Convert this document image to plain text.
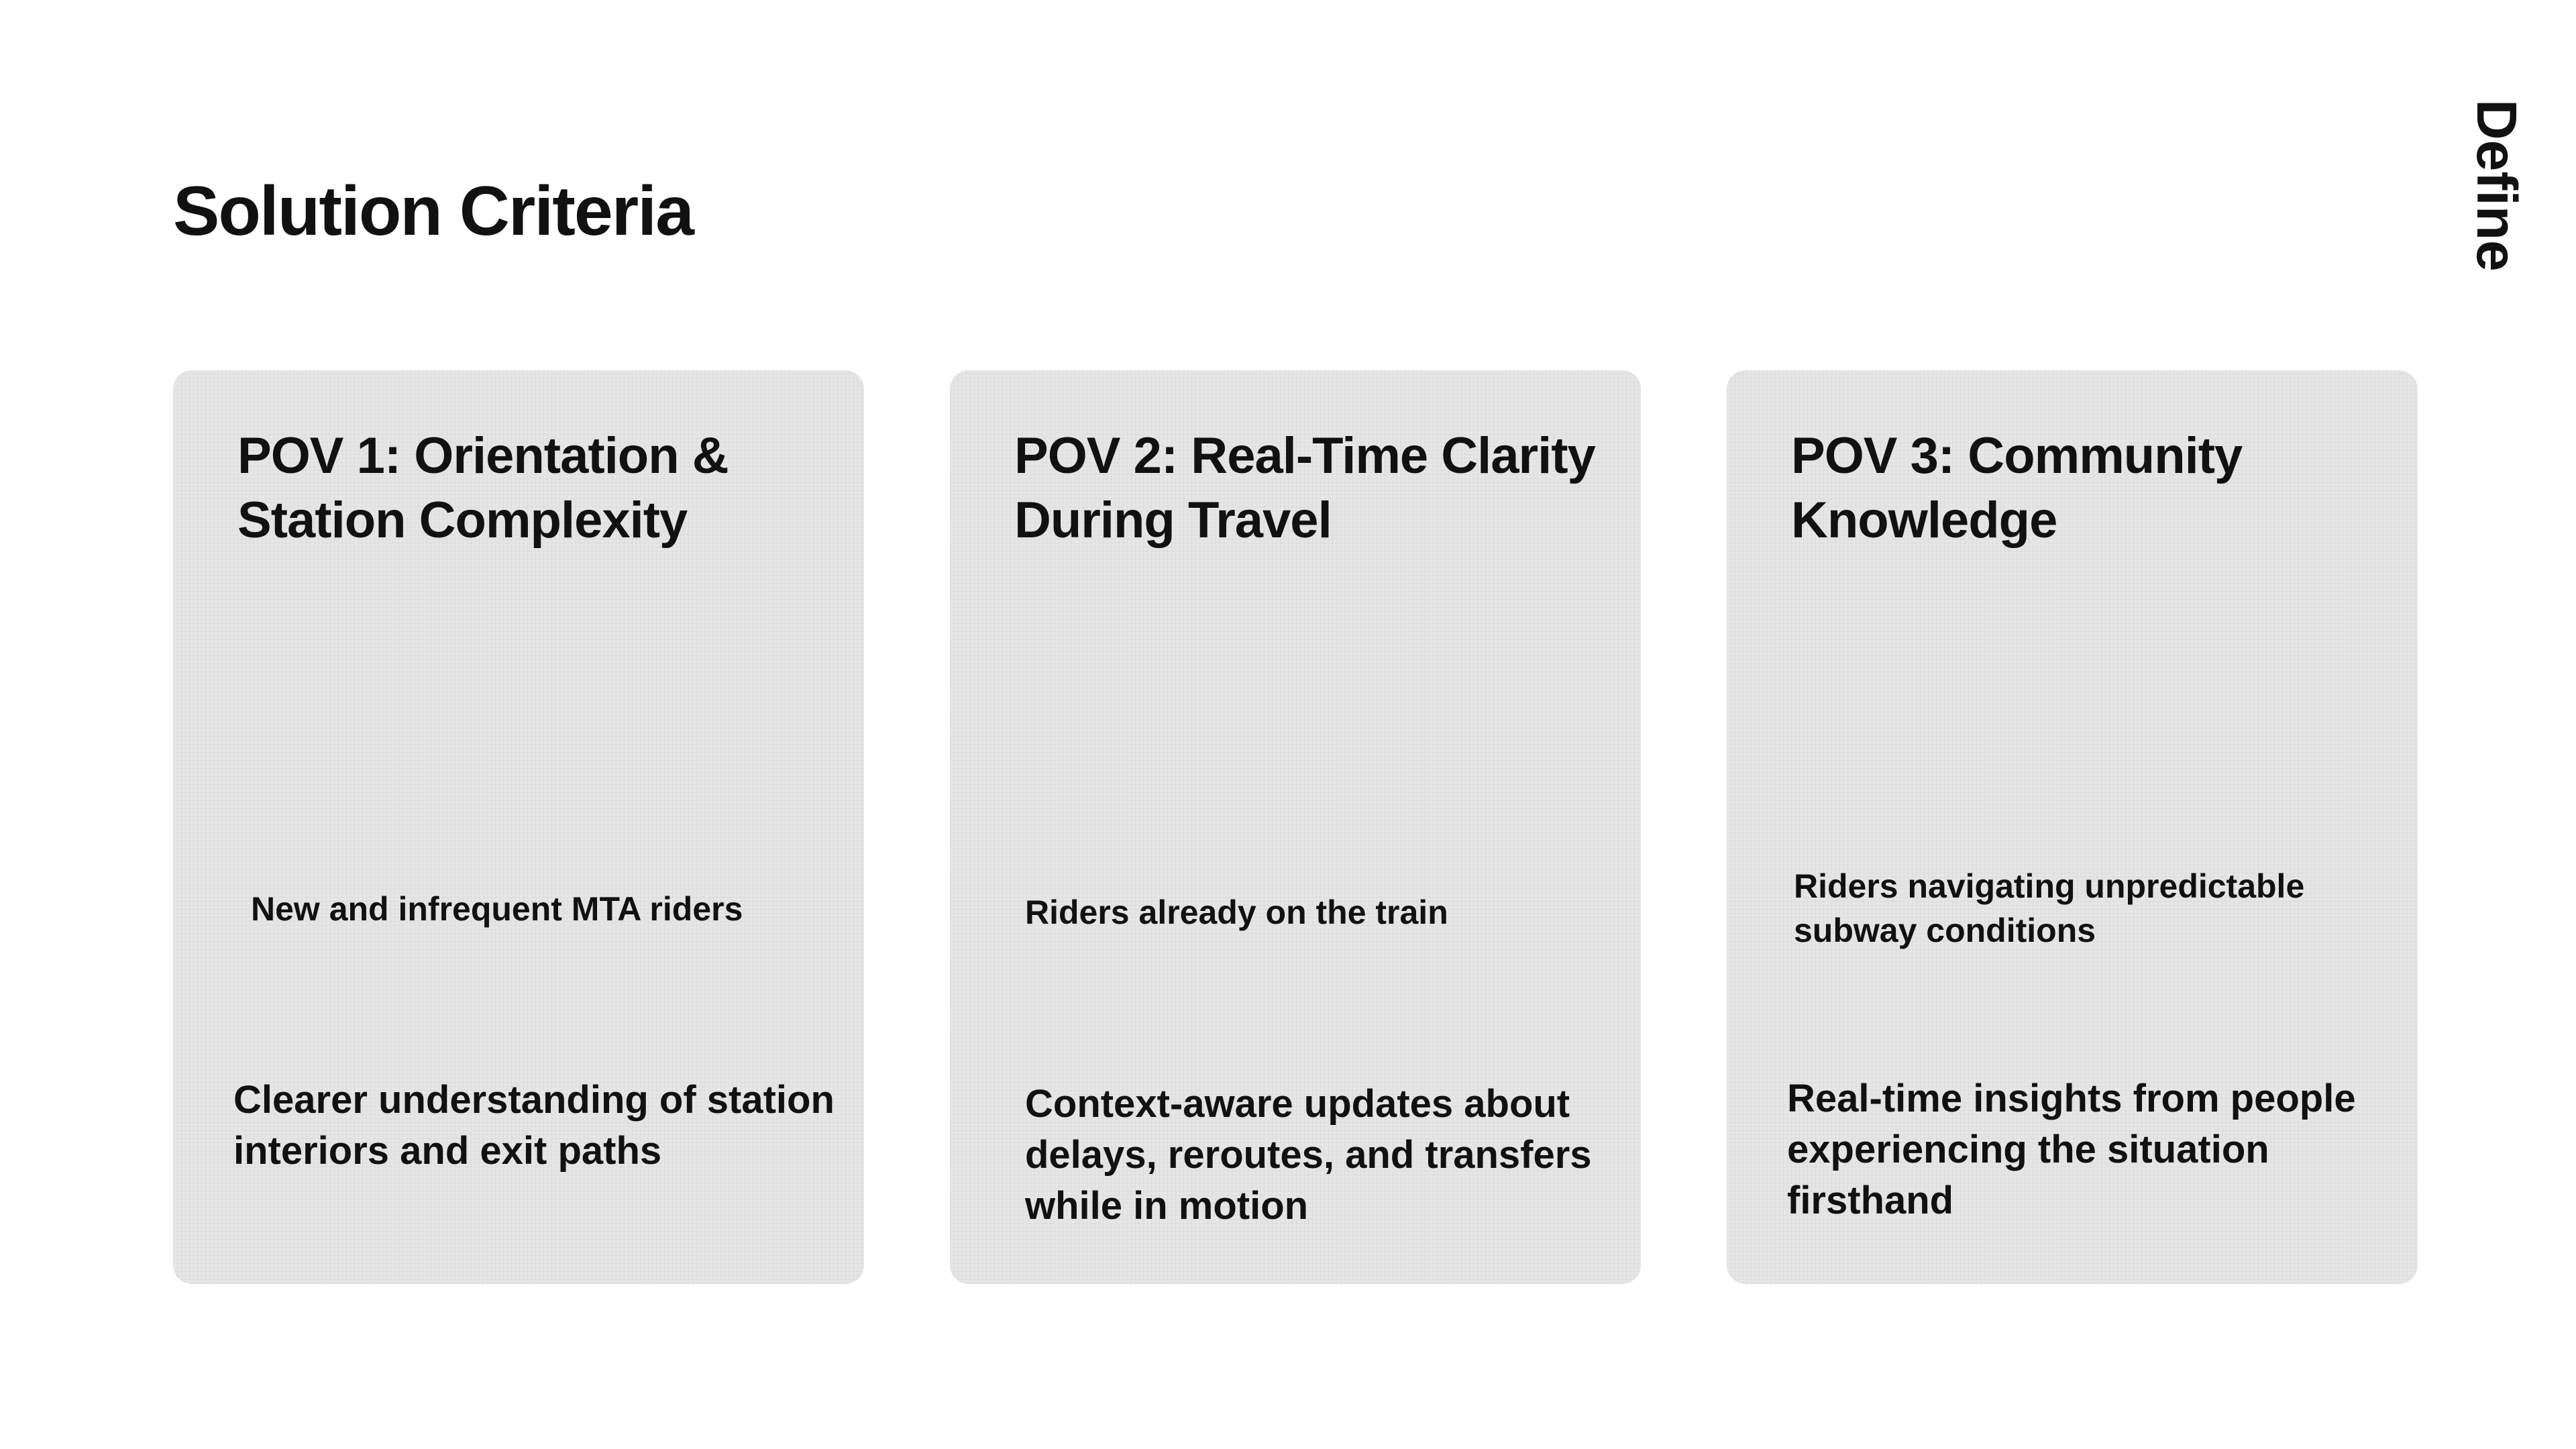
Solution Criteria	Define
POV 1: Orientation & Station Complexity
New and infrequent MTA riders
Clearer understanding of station interiors and exit paths
POV 2: Real-Time Clarity During Travel
Riders already on the train
Context-aware updates about delays, reroutes, and transfers while in motion
POV 3: Community Knowledge
Riders navigating unpredictable subway conditions
Real-time insights from people experiencing the situation firsthand
